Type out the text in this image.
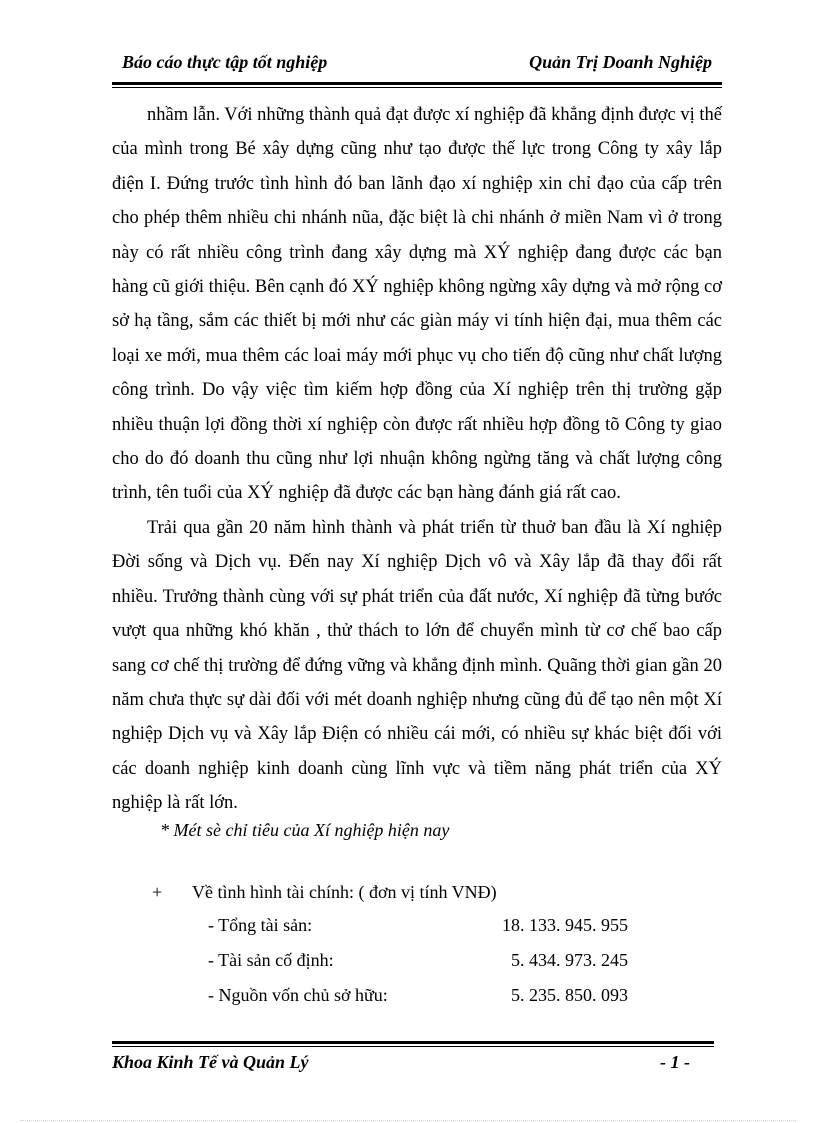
Báo cáo thực tập tốt nghiệp	Quản Trị Doanh Nghiệp

nhầm lẫn. Với những thành quả đạt được xí nghiệp đã khẳng định được vị thế của mình trong Bé xây dựng cũng như tạo được thế lực trong Công ty xây lắp điện I. Đứng trước tình hình đó ban lãnh đạo xí nghiệp xin chỉ đạo của cấp trên cho phép thêm nhiều chi nhánh nũa, đặc biệt là chi nhánh ở miền Nam vì ở trong này có rất nhiều công trình đang xây dựng mà XÝ nghiệp đang được các bạn hàng cũ giới thiệu. Bên cạnh đó XÝ nghiệp không ngừng xây dựng và mở rộng cơ sở hạ tầng, sắm các thiết bị mới như các giàn máy vi tính hiện đại, mua thêm các loại xe mới, mua thêm các loai máy mới phục vụ cho tiến độ cũng như chất lượng công trình. Do vậy việc tìm kiếm hợp đồng của Xí nghiệp trên thị trường gặp nhiều thuận lợi đồng thời xí nghiệp còn được rất nhiều hợp đồng tõ Công ty giao cho do đó doanh thu cũng như lợi nhuận không ngừng tăng và chất lượng công trình, tên tuổi của XÝ nghiệp đã được các bạn hàng đánh giá rất cao.

Trải qua gần 20 năm hình thành và phát triển từ thuở ban đầu là Xí nghiệp Đời sống và Dịch vụ. Đến nay Xí nghiệp Dịch vô và Xây lắp đã thay đổi rất nhiều. Trưởng thành cùng với sự phát triển của đất nước, Xí nghiệp đã từng bước vượt qua những khó khăn , thử thách to lớn để chuyển mình từ cơ chế bao cấp sang cơ chế thị trường để đứng vững và khẳng định mình. Quãng thời gian gần 20 năm chưa thực sự dài đối với mét doanh nghiệp nhưng cũng đủ để tạo nên một Xí nghiệp Dịch vụ và Xây lắp Điện có nhiều cái mới, có nhiều sự khác biệt đối với các doanh nghiệp kinh doanh cùng lĩnh vực và tiềm năng phát triển của XÝ nghiệp là rất lớn.

* Mét sè chỉ tiêu của Xí nghiệp hiện nay
+ Về tình hình tài chính: ( đơn vị tính VNĐ)
- Tổng tài sản:	18. 133. 945. 955
- Tài sản cố định:	5. 434. 973. 245
- Nguồn vốn chủ sở hữu:	5. 235. 850. 093
Khoa Kinh Tế và Quản Lý	- 1 -
